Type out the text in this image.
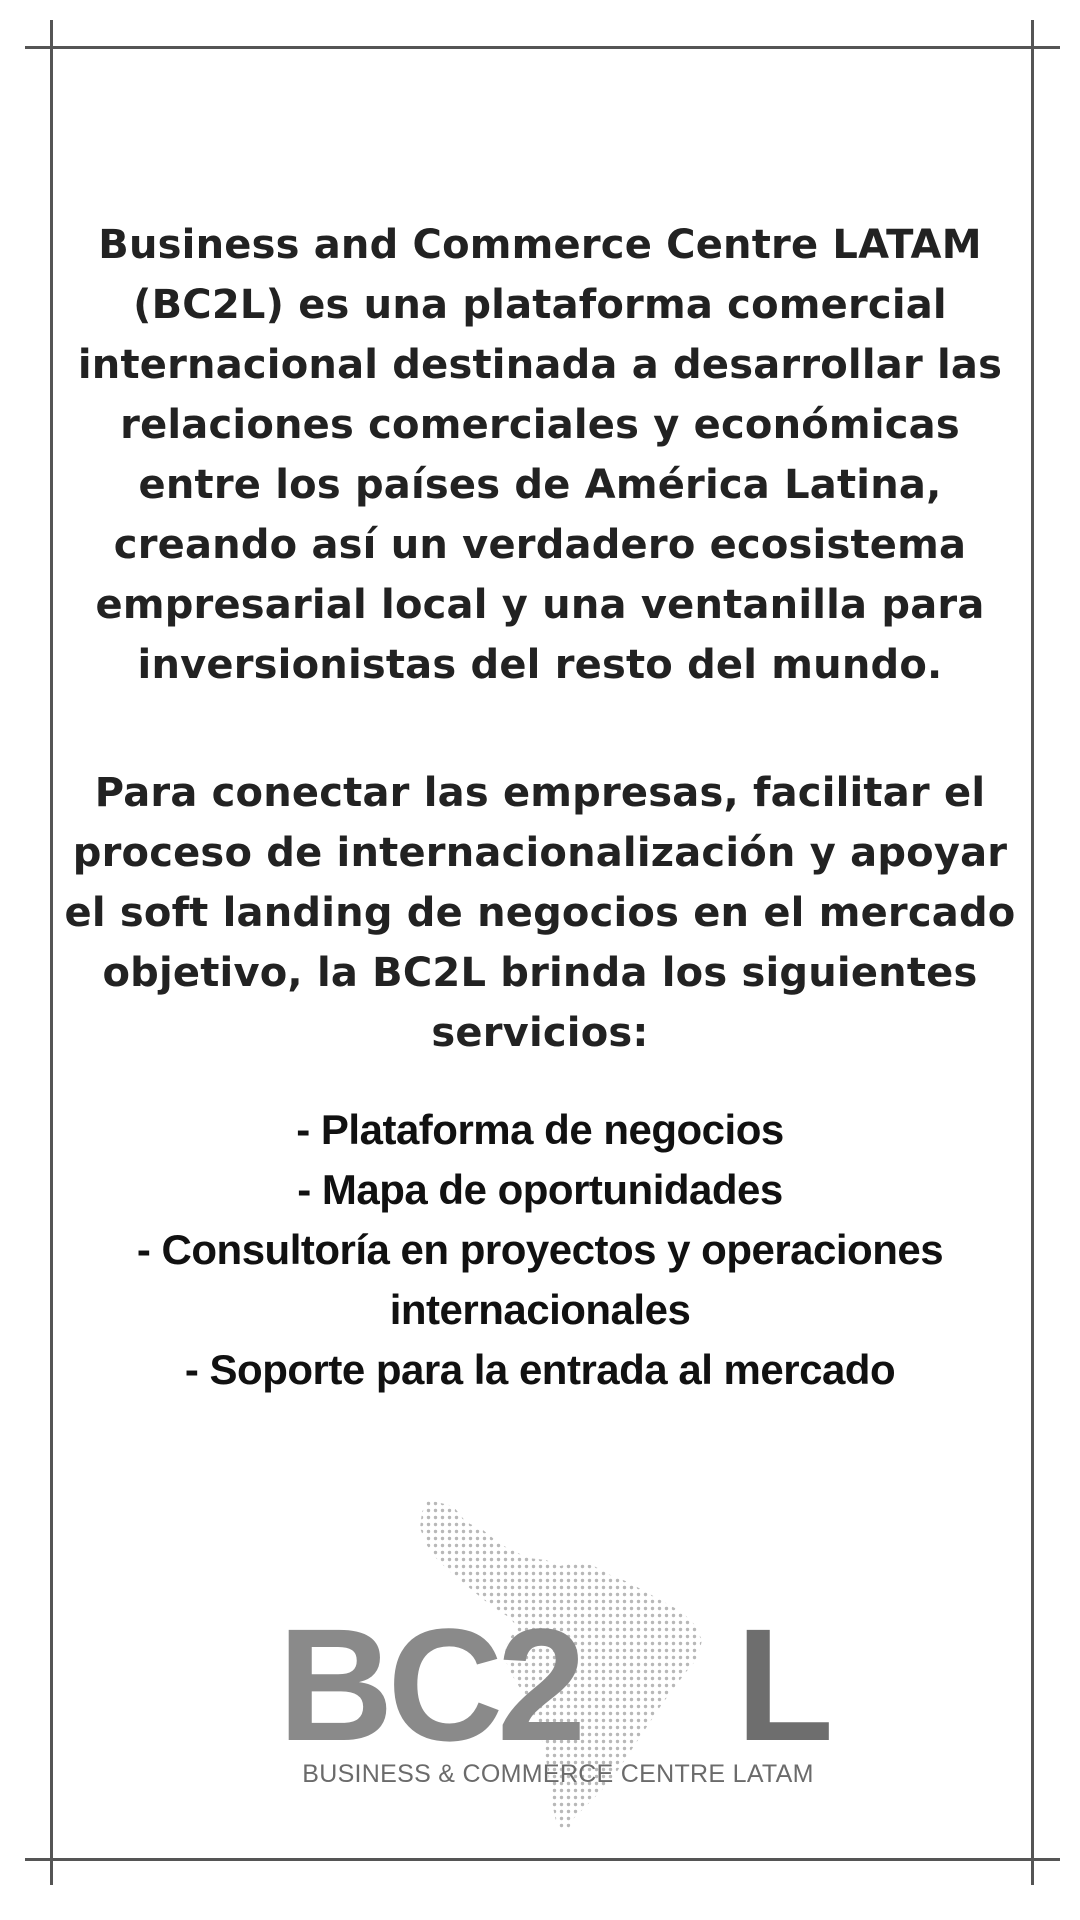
Business and Commerce Centre LATAM (BC2L) es una plataforma comercial internacional destinada a desarrollar las relaciones comerciales y económicas entre los países de América Latina, creando así un verdadero ecosistema empresarial local y una ventanilla para inversionistas del resto del mundo.

Para conectar las empresas, facilitar el proceso de internacionalización y apoyar el soft landing de negocios en el mercado objetivo, la BC2L brinda los siguientes servicios:

- Plataforma de negocios
- Mapa de oportunidades
- Consultoría en proyectos y operaciones internacionales
- Soporte para la entrada al mercado
BC2 L
BUSINESS & COMMERCE CENTRE LATAM
